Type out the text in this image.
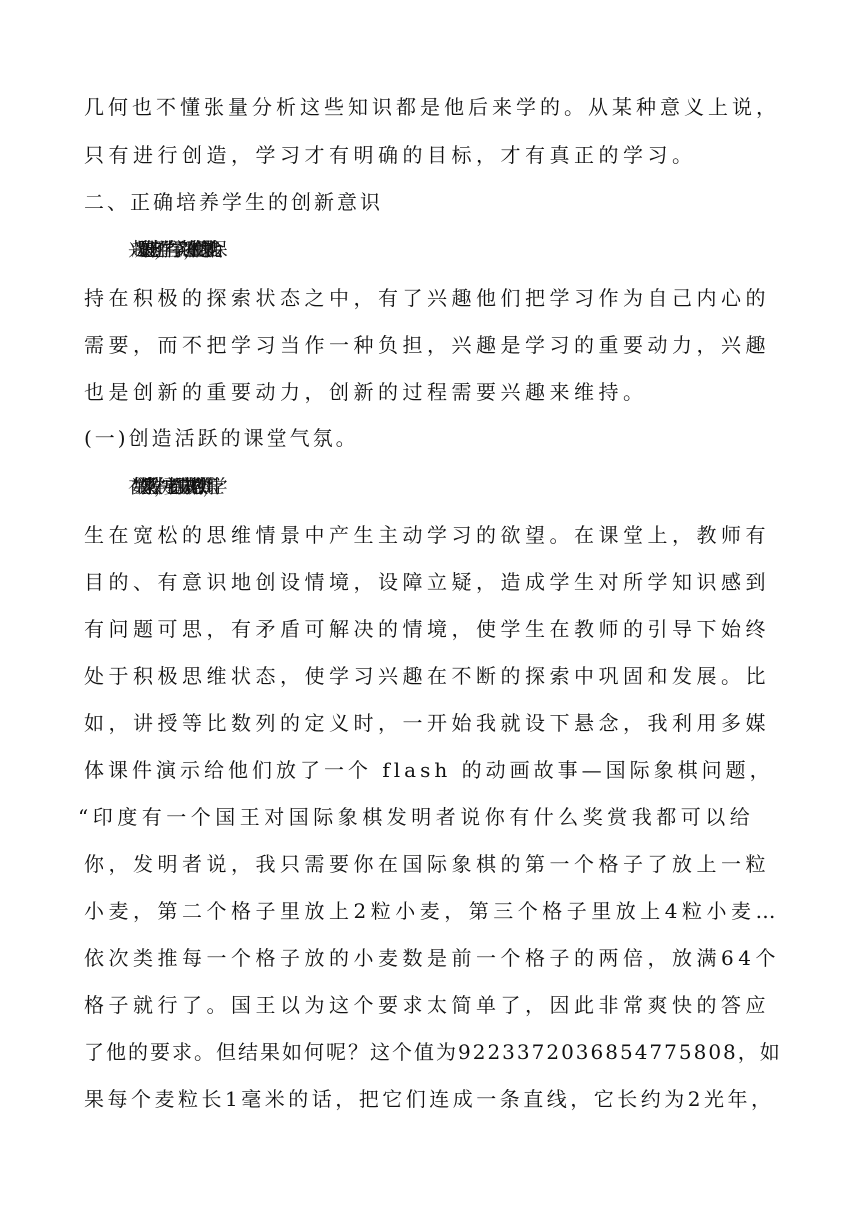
几何也不懂张量分析这些知识都是他后来学的。从某种意义上说，
只有进行创造，学习才有明确的目标，才有真正的学习。
二、正确培养学生的创新意识
兴趣是最好的老师，学生有了学习兴趣，他们的思维就会保
持在积极的探索状态之中，有了兴趣他们把学习作为自己内心的
需要，而不把学习当作一种负担，兴趣是学习的重要动力，兴趣
也是创新的重要动力，创新的过程需要兴趣来维持。
(一)创造活跃的课堂气氛。
在数学课堂教学中，一定要打破墨守成规的教学训练，让学
生在宽松的思维情景中产生主动学习的欲望。在课堂上，教师有
目的、有意识地创设情境，设障立疑，造成学生对所学知识感到
有问题可思，有矛盾可解决的情境，使学生在教师的引导下始终
处于积极思维状态，使学习兴趣在不断的探索中巩固和发展。比
如，讲授等比数列的定义时，一开始我就设下悬念，我利用多媒
体课件演示给他们放了一个 flash 的动画故事—国际象棋问题，
“印度有一个国王对国际象棋发明者说你有什么奖赏我都可以给
你，发明者说，我只需要你在国际象棋的第一个格子了放上一粒
小麦，第二个格子里放上2粒小麦，第三个格子里放上4粒小麦…
依次类推每一个格子放的小麦数是前一个格子的两倍，放满64个
格子就行了。国王以为这个要求太简单了，因此非常爽快的答应
了他的要求。但结果如何呢？这个值为9223372036854775808，如
果每个麦粒长1毫米的话，把它们连成一条直线，它长约为2光年，
